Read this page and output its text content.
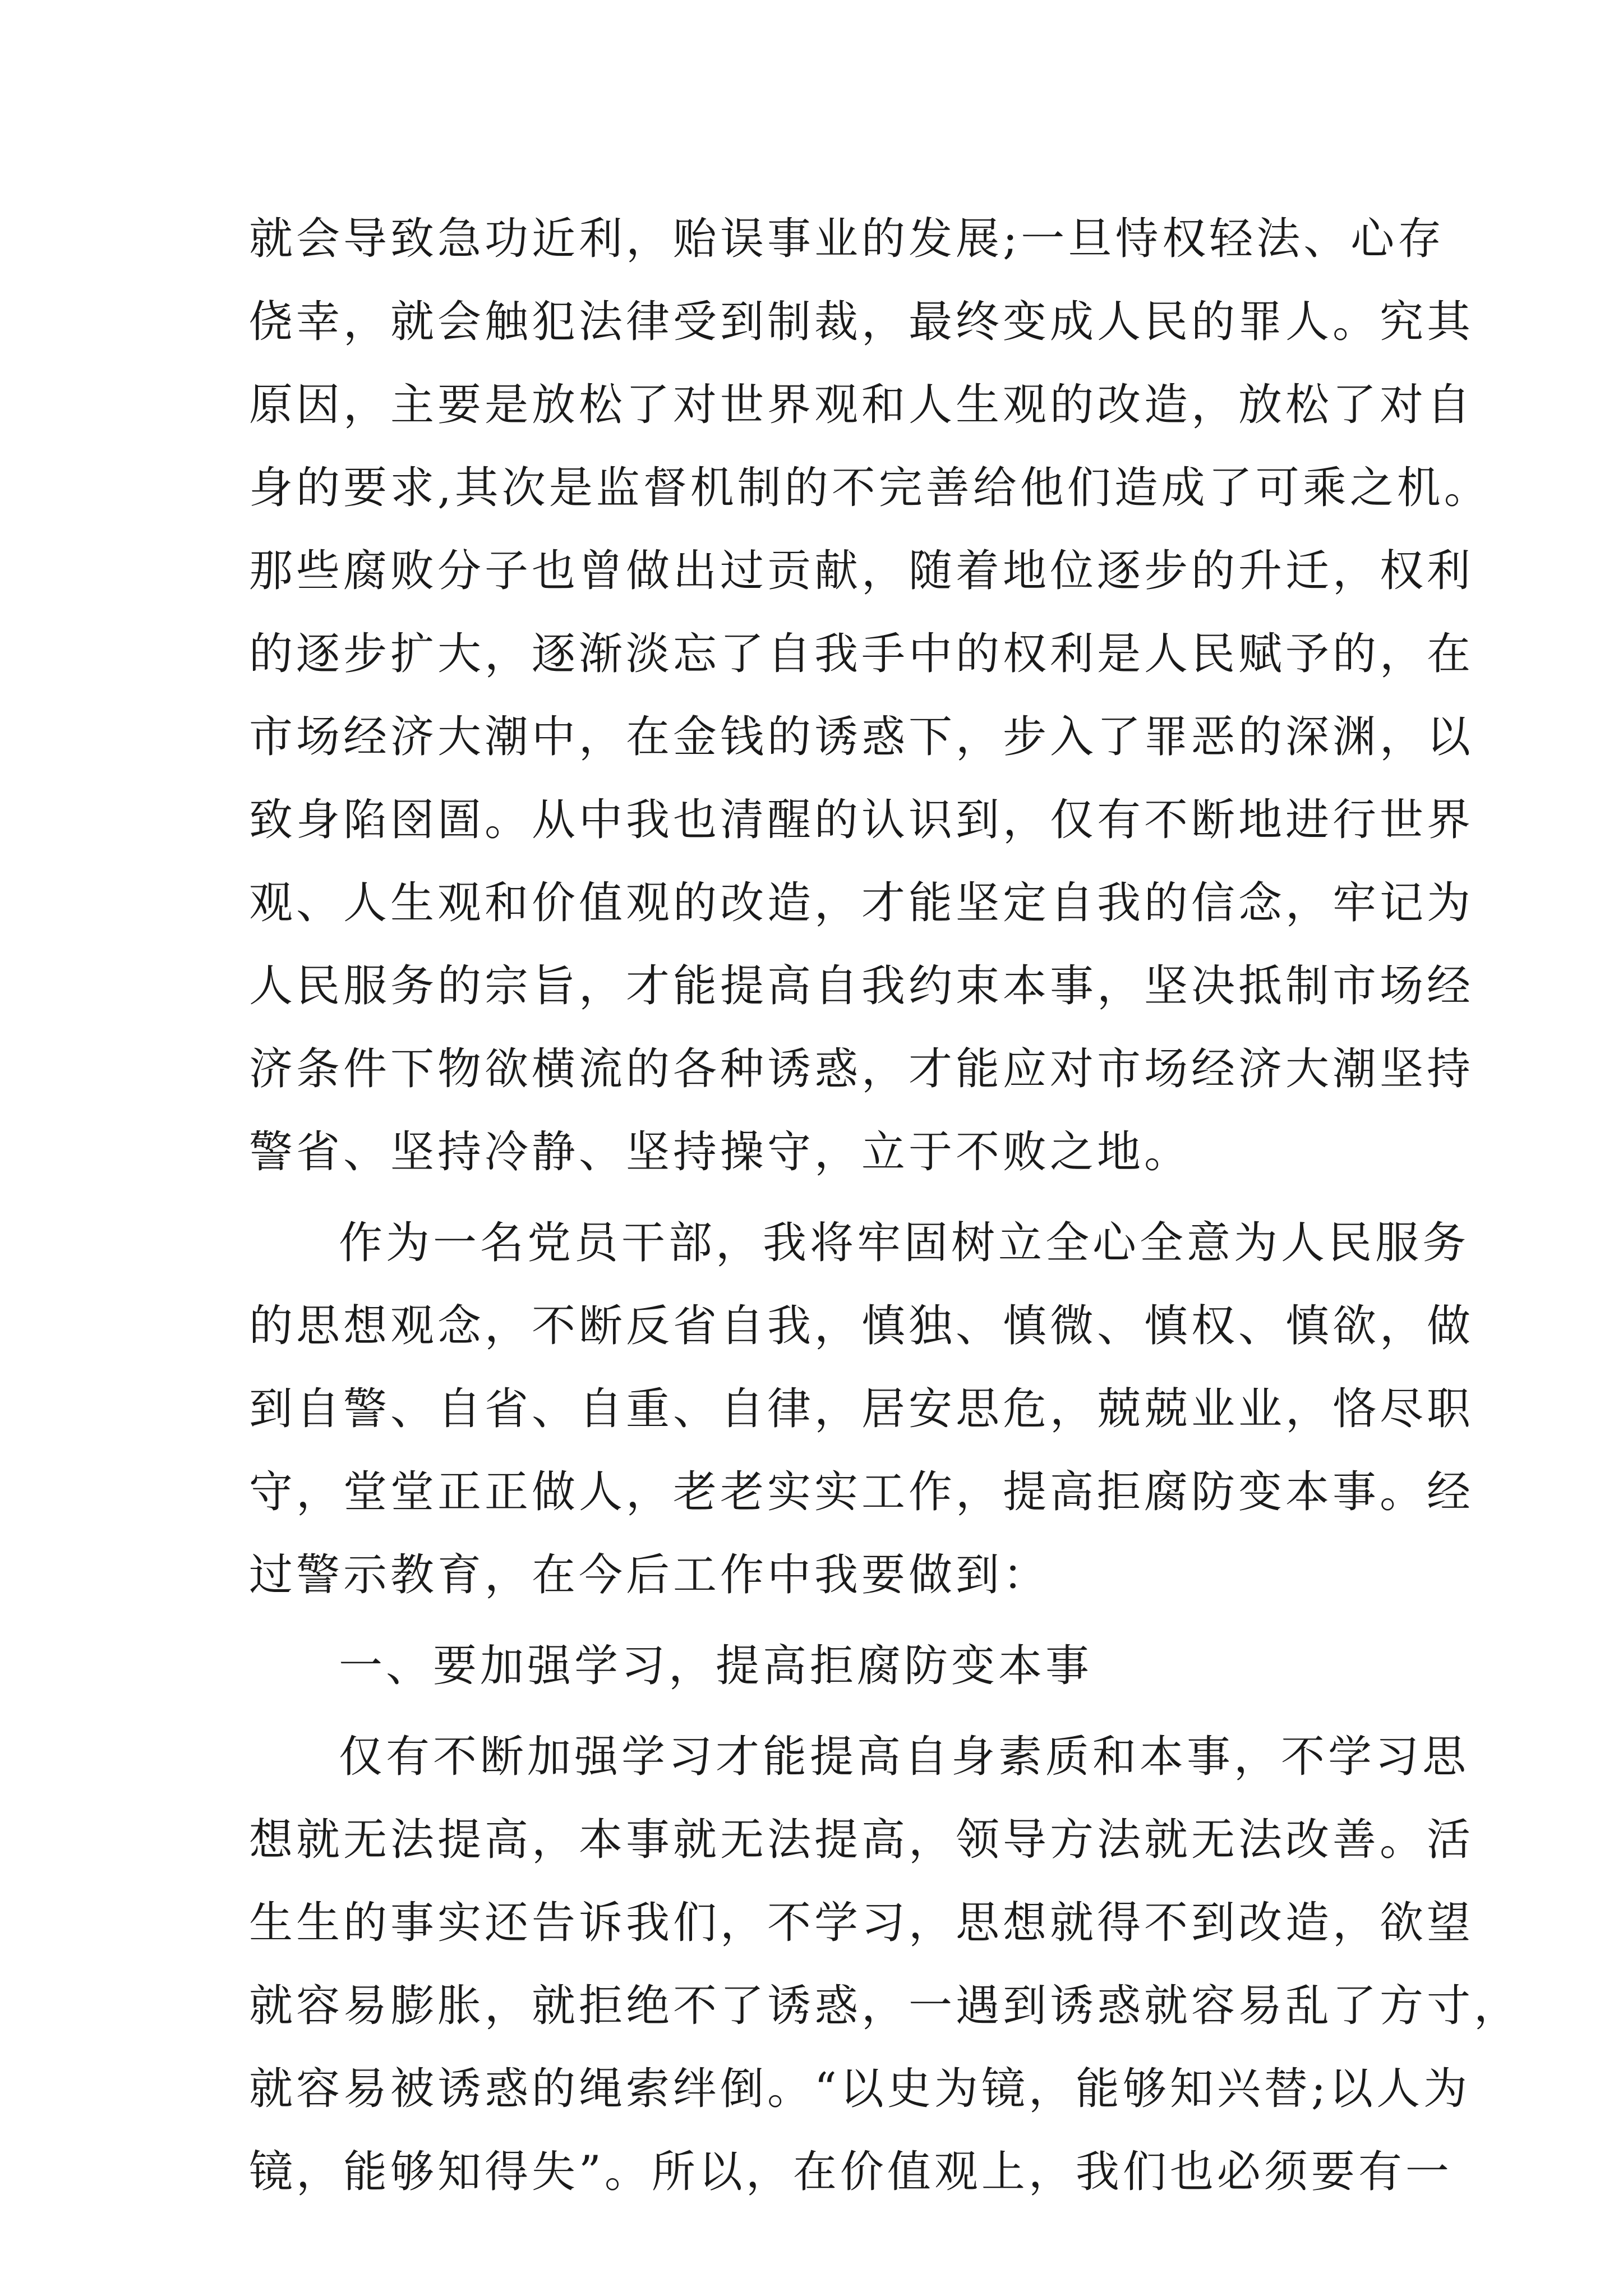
就会导致急功近利，贻误事业的发展;一旦恃权轻法、心存
侥幸，就会触犯法律受到制裁，最终变成人民的罪人。究其
原因，主要是放松了对世界观和人生观的改造，放松了对自
身的要求,其次是监督机制的不完善给他们造成了可乘之机。
那些腐败分子也曾做出过贡献，随着地位逐步的升迁，权利
的逐步扩大，逐渐淡忘了自我手中的权利是人民赋予的，在
市场经济大潮中，在金钱的诱惑下，步入了罪恶的深渊，以
致身陷囹圄。从中我也清醒的认识到，仅有不断地进行世界
观、人生观和价值观的改造，才能坚定自我的信念，牢记为
人民服务的宗旨，才能提高自我约束本事，坚决抵制市场经
济条件下物欲横流的各种诱惑，才能应对市场经济大潮坚持
警省、坚持冷静、坚持操守，立于不败之地。
作为一名党员干部，我将牢固树立全心全意为人民服务
的思想观念，不断反省自我，慎独、慎微、慎权、慎欲，做
到自警、自省、自重、自律，居安思危，兢兢业业，恪尽职
守，堂堂正正做人，老老实实工作，提高拒腐防变本事。经
过警示教育，在今后工作中我要做到：
一、要加强学习，提高拒腐防变本事
仅有不断加强学习才能提高自身素质和本事，不学习思
想就无法提高，本事就无法提高，领导方法就无法改善。活
生生的事实还告诉我们，不学习，思想就得不到改造，欲望
就容易膨胀，就拒绝不了诱惑，一遇到诱惑就容易乱了方寸，
就容易被诱惑的绳索绊倒。“以史为镜，能够知兴替;以人为
镜，能够知得失”。所以，在价值观上，我们也必须要有一
